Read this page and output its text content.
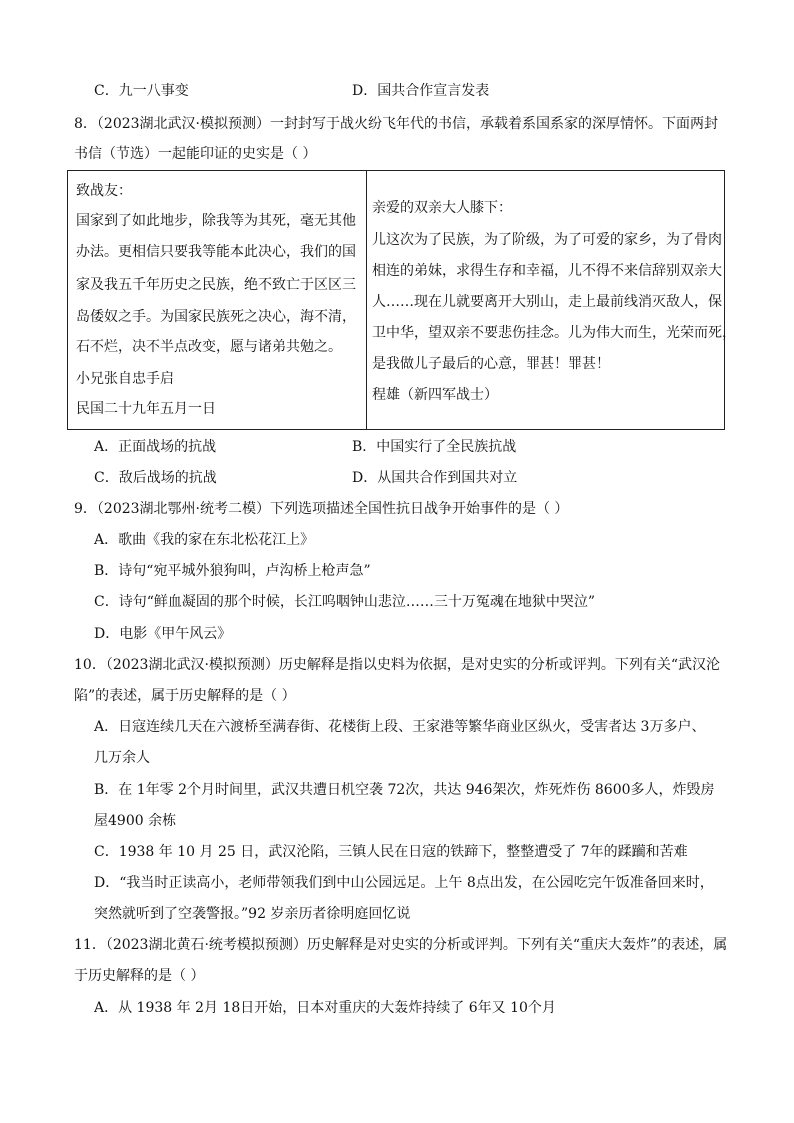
C．九一八事变	D．国共合作宣言发表
8．（2023湖北武汉·模拟预测）一封封写于战火纷飞年代的书信，承载着系国系家的深厚情怀。下面两封
书信（节选）一起能印证的史实是（ ）
致战友：
国家到了如此地步，除我等为其死，毫无其他
办法。更相信只要我等能本此决心，我们的国
家及我五千年历史之民族，绝不致亡于区区三
岛倭奴之手。为国家民族死之决心，海不清，
石不烂，决不半点改变，愿与诸弟共勉之。
小兄张自忠手启
民国二十九年五月一日
亲爱的双亲大人膝下：
儿这次为了民族，为了阶级，为了可爱的家乡，为了骨肉
相连的弟妹，求得生存和幸福，儿不得不来信辞别双亲大
人……现在儿就要离开大别山，走上最前线消灭敌人，保
卫中华，望双亲不要悲伤挂念。儿为伟大而生，光荣而死，
是我做儿子最后的心意，罪甚！罪甚！
程雄（新四军战士）
A．正面战场的抗战	B．中国实行了全民族抗战
C．敌后战场的抗战	D．从国共合作到国共对立
9．（2023湖北鄂州·统考二模）下列选项描述全国性抗日战争开始事件的是（ ）
A．歌曲《我的家在东北松花江上》
B．诗句“宛平城外狼狗叫，卢沟桥上枪声急”
C．诗句“鲜血凝固的那个时候，长江呜咽钟山悲泣……三十万冤魂在地狱中哭泣”
D．电影《甲午风云》
10．（2023湖北武汉·模拟预测）历史解释是指以史料为依据，是对史实的分析或评判。下列有关“武汉沦
陷”的表述，属于历史解释的是（ ）
A．日寇连续几天在六渡桥至满春街、花楼街上段、王家港等繁华商业区纵火，受害者达 3万多户、
几万余人
B．在 1年零 2个月时间里，武汉共遭日机空袭 72次，共达 946架次，炸死炸伤 8600多人，炸毁房
屋4900 余栋
C．1938 年 10 月 25 日，武汉沦陷，三镇人民在日寇的铁蹄下，整整遭受了 7年的蹂躏和苦难
D．“我当时正读高小，老师带领我们到中山公园远足。上午 8点出发，在公园吃完午饭准备回来时，
突然就听到了空袭警报。”92 岁亲历者徐明庭回忆说
11．（2023湖北黄石·统考模拟预测）历史解释是对史实的分析或评判。下列有关“重庆大轰炸”的表述，属
于历史解释的是（ ）
A．从 1938 年 2月 18日开始，日本对重庆的大轰炸持续了 6年又 10个月
